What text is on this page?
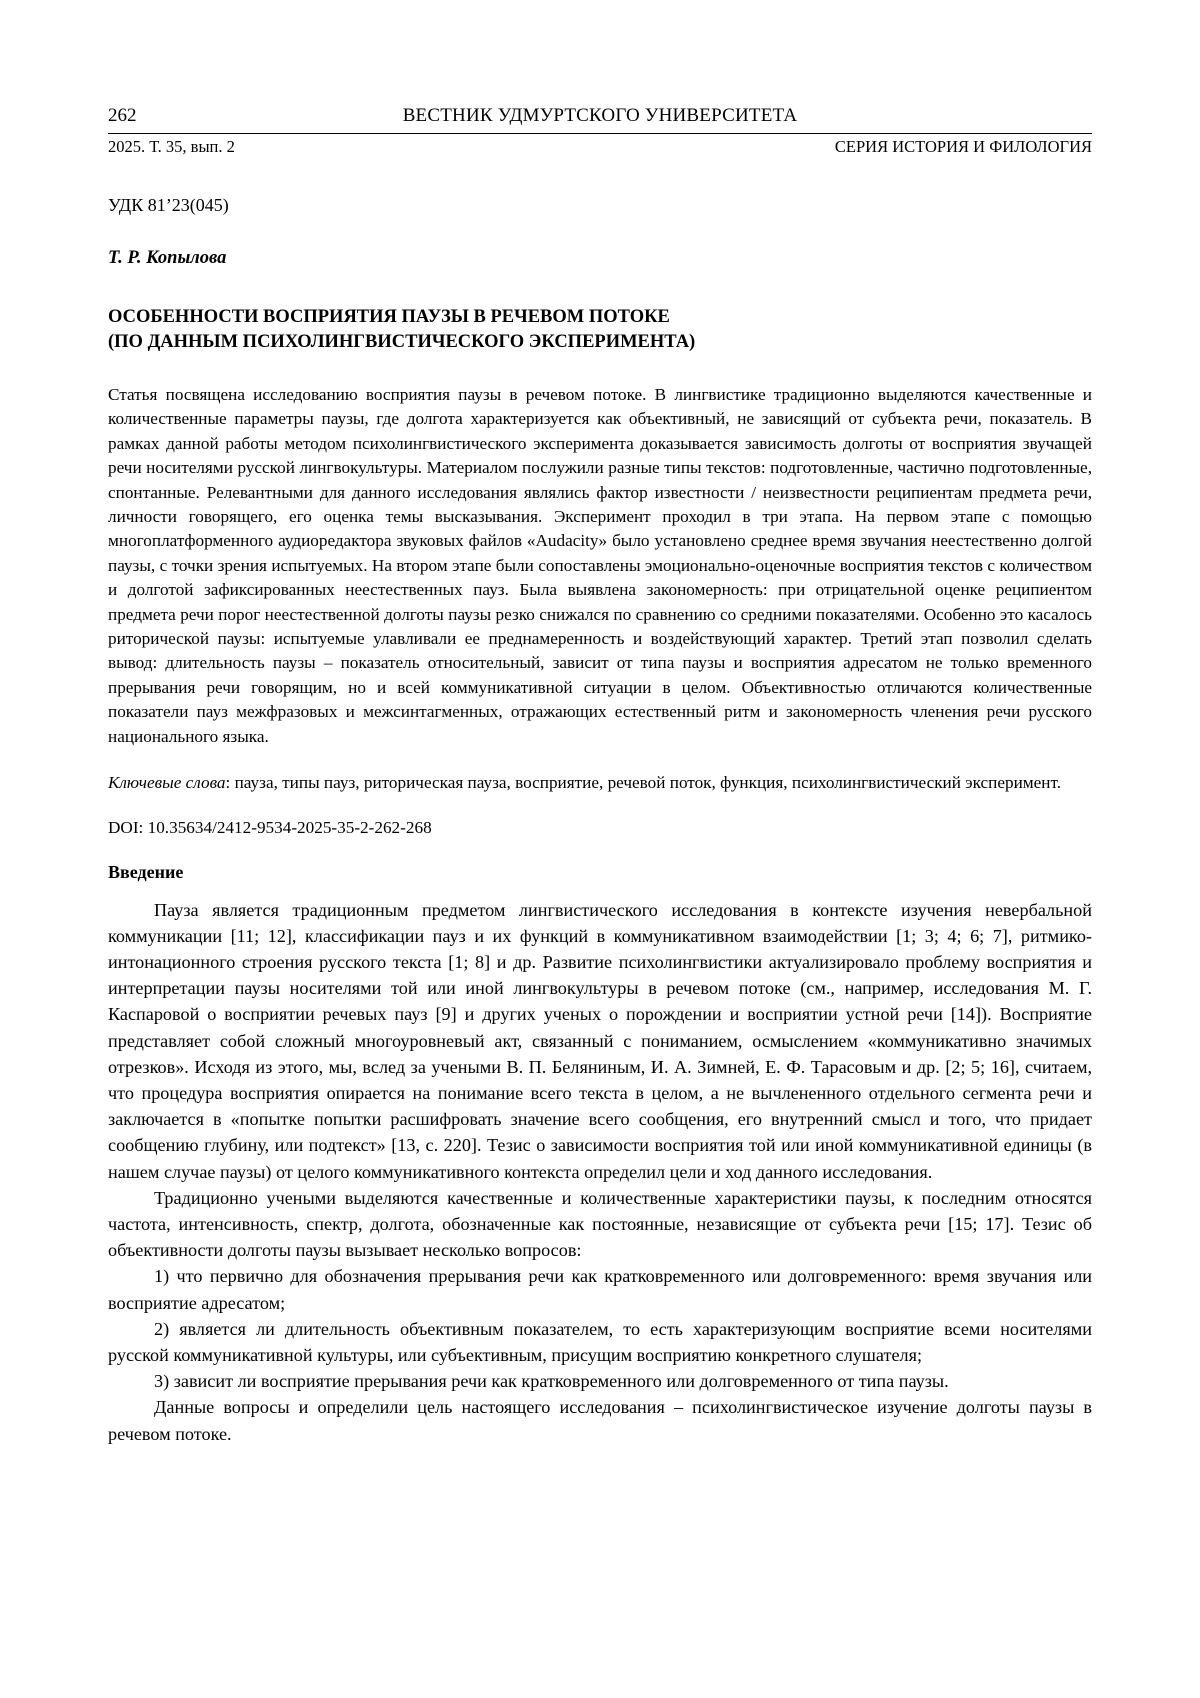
262	ВЕСТНИК УДМУРТСКОГО УНИВЕРСИТЕТА
2025. Т. 35, вып. 2	СЕРИЯ ИСТОРИЯ И ФИЛОЛОГИЯ
УДК 81’23(045)
Т. Р. Копылова
ОСОБЕННОСТИ ВОСПРИЯТИЯ ПАУЗЫ В РЕЧЕВОМ ПОТОКЕ
(ПО ДАННЫМ ПСИХОЛИНГВИСТИЧЕСКОГО ЭКСПЕРИМЕНТА)
Статья посвящена исследованию восприятия паузы в речевом потоке. В лингвистике традиционно выделяются качественные и количественные параметры паузы, где долгота характеризуется как объективный, не зависящий от субъекта речи, показатель. В рамках данной работы методом психолингвистического эксперимента доказывается зависимость долготы от восприятия звучащей речи носителями русской лингвокультуры. Материалом послужили разные типы текстов: подготовленные, частично подготовленные, спонтанные. Релевантными для данного исследования являлись фактор известности / неизвестности реципиентам предмета речи, личности говорящего, его оценка темы высказывания. Эксперимент проходил в три этапа. На первом этапе с помощью многоплатформенного аудиоредактора звуковых файлов «Audacity» было установлено среднее время звучания неестественно долгой паузы, с точки зрения испытуемых. На втором этапе были сопоставлены эмоционально-оценочные восприятия текстов с количеством и долготой зафиксированных неестественных пауз. Была выявлена закономерность: при отрицательной оценке реципиентом предмета речи порог неестественной долготы паузы резко снижался по сравнению со средними показателями. Особенно это касалось риторической паузы: испытуемые улавливали ее преднамеренность и воздействующий характер. Третий этап позволил сделать вывод: длительность паузы – показатель относительный, зависит от типа паузы и восприятия адресатом не только временного прерывания речи говорящим, но и всей коммуникативной ситуации в целом. Объективностью отличаются количественные показатели пауз межфразовых и межсинтагменных, отражающих естественный ритм и закономерность членения речи русского национального языка.
Ключевые слова: пауза, типы пауз, риторическая пауза, восприятие, речевой поток, функция, психолингвистический эксперимент.
DOI: 10.35634/2412-9534-2025-35-2-262-268
Введение

Пауза является традиционным предметом лингвистического исследования в контексте изучения невербальной коммуникации [11; 12], классификации пауз и их функций в коммуникативном взаимодействии [1; 3; 4; 6; 7], ритмико-интонационного строения русского текста [1; 8] и др. Развитие психолингвистики актуализировало проблему восприятия и интерпретации паузы носителями той или иной лингвокультуры в речевом потоке (см., например, исследования М. Г. Каспаровой о восприятии речевых пауз [9] и других ученых о порождении и восприятии устной речи [14]). Восприятие представляет собой сложный многоуровневый акт, связанный с пониманием, осмыслением «коммуникативно значимых отрезков». Исходя из этого, мы, вслед за учеными В. П. Беляниным, И. А. Зимней, Е. Ф. Тарасовым и др. [2; 5; 16], считаем, что процедура восприятия опирается на понимание всего текста в целом, а не вычлененного отдельного сегмента речи и заключается в «попытке попытки расшифровать значение всего сообщения, его внутренний смысл и того, что придает сообщению глубину, или подтекст» [13, с. 220]. Тезис о зависимости восприятия той или иной коммуникативной единицы (в нашем случае паузы) от целого коммуникативного контекста определил цели и ход данного исследования.

Традиционно учеными выделяются качественные и количественные характеристики паузы, к последним относятся частота, интенсивность, спектр, долгота, обозначенные как постоянные, независящие от субъекта речи [15; 17]. Тезис об объективности долготы паузы вызывает несколько вопросов:

1) что первично для обозначения прерывания речи как кратковременного или долговременного: время звучания или восприятие адресатом;

2) является ли длительность объективным показателем, то есть характеризующим восприятие всеми носителями русской коммуникативной культуры, или субъективным, присущим восприятию конкретного слушателя;

3) зависит ли восприятие прерывания речи как кратковременного или долговременного от типа паузы.

Данные вопросы и определили цель настоящего исследования – психолингвистическое изучение долготы паузы в речевом потоке.
